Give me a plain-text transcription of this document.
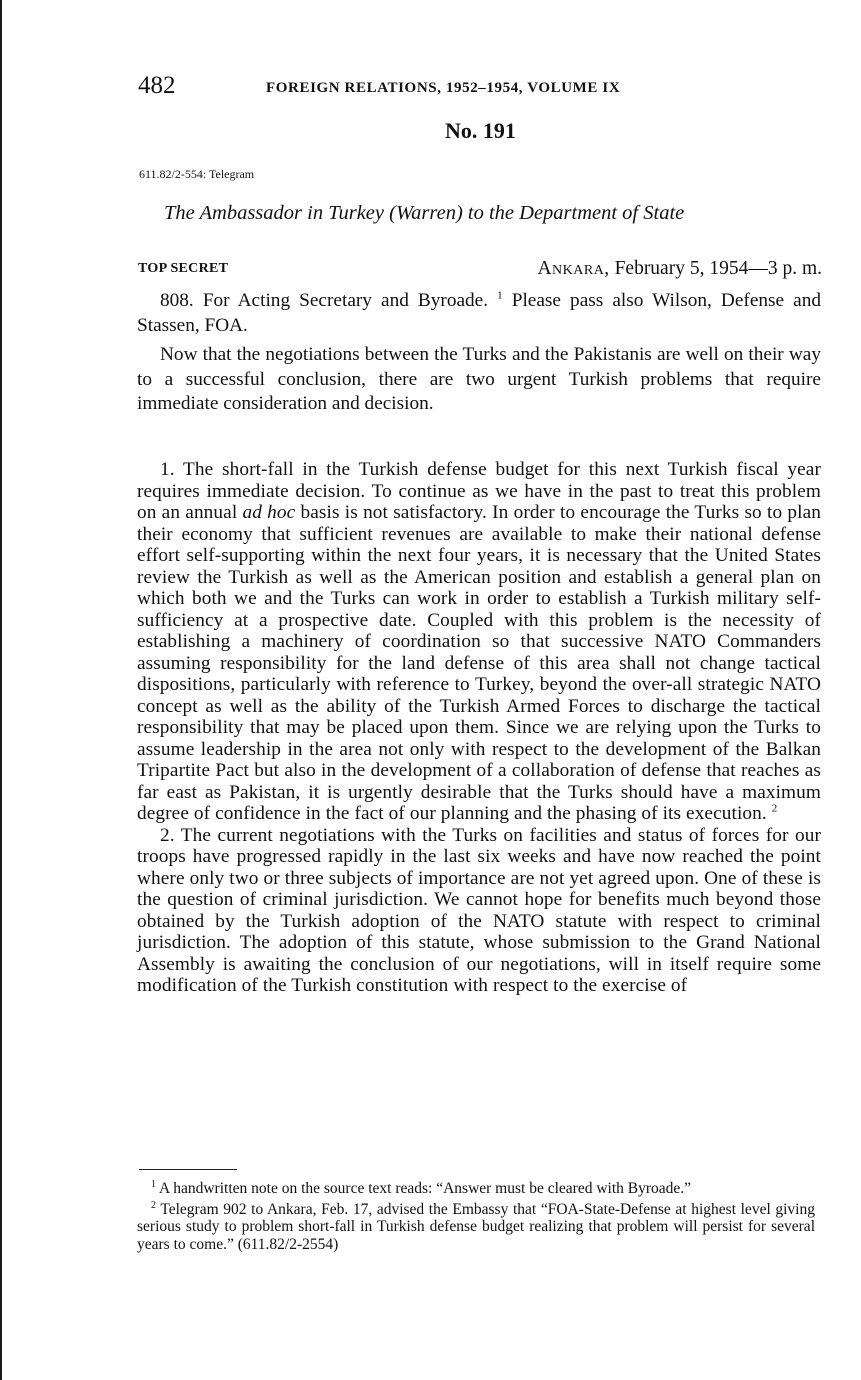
482	FOREIGN RELATIONS, 1952–1954, VOLUME IX
No. 191
611.82/2-554: Telegram
The Ambassador in Turkey (Warren) to the Department of State
TOP SECRET	Ankara, February 5, 1954—3 p. m.

808. For Acting Secretary and Byroade. $^1$ Please pass also Wilson, Defense and Stassen, FOA.

Now that the negotiations between the Turks and the Pakistanis are well on their way to a successful conclusion, there are two urgent Turkish problems that require immediate consideration and decision.

1. The short-fall in the Turkish defense budget for this next Turkish fiscal year requires immediate decision. To continue as we have in the past to treat this problem on an annual ad hoc basis is not satisfactory. In order to encourage the Turks so to plan their economy that sufficient revenues are available to make their national defense effort self-supporting within the next four years, it is necessary that the United States review the Turkish as well as the American position and establish a general plan on which both we and the Turks can work in order to establish a Turkish military self-sufficiency at a prospective date. Coupled with this problem is the necessity of establishing a machinery of coordination so that successive NATO Commanders assuming responsibility for the land defense of this area shall not change tactical dispositions, particularly with reference to Turkey, beyond the over-all strategic NATO concept as well as the ability of the Turkish Armed Forces to discharge the tactical responsibility that may be placed upon them. Since we are relying upon the Turks to assume leadership in the area not only with respect to the development of the Balkan Tripartite Pact but also in the development of a collaboration of defense that reaches as far east as Pakistan, it is urgently desirable that the Turks should have a maximum degree of confidence in the fact of our planning and the phasing of its execution. $^2$

2. The current negotiations with the Turks on facilities and status of forces for our troops have progressed rapidly in the last six weeks and have now reached the point where only two or three subjects of importance are not yet agreed upon. One of these is the question of criminal jurisdiction. We cannot hope for benefits much beyond those obtained by the Turkish adoption of the NATO statute with respect to criminal jurisdiction. The adoption of this statute, whose submission to the Grand National Assembly is awaiting the conclusion of our negotiations, will in itself require some modification of the Turkish constitution with respect to the exercise of

$^1$ A handwritten note on the source text reads: “Answer must be cleared with Byroade.”

$^2$ Telegram 902 to Ankara, Feb. 17, advised the Embassy that “FOA-State-Defense at highest level giving serious study to problem short-fall in Turkish defense budget realizing that problem will persist for several years to come.” (611.82/2-2554)
